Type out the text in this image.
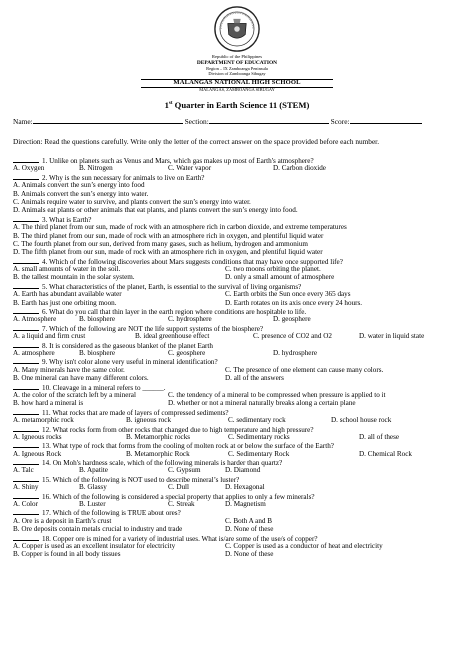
Republic of the Philippines
DEPARTMENT OF EDUCATION
Region – IX Zamboanga Peninsula
Division of Zamboanga Sibugay
MALANGAS NATIONAL HIGH SCHOOL
MALANGAS, ZAMBOANGA SIBUGAY
1st Quarter in Earth Science 11 (STEM)
Name:	Section:	Score:
Direction: Read the questions carefully. Write only the letter of the correct answer on the space provided before each number.
1. Unlike on planets such as Venus and Mars, which gas makes up most of Earth's atmosphere?
A. Oxygen	B. Nitrogen	C. Water vapor	D. Carbon dioxide
2. Why is the sun necessary for animals to live on Earth?
A. Animals convert the sun’s energy into food
B. Animals convert the sun’s energy into water.
C. Animals require water to survive, and plants convert the sun’s energy into water.
D. Animals eat plants or other animals that eat plants, and plants convert the sun’s energy into food.
3. What is Earth?
A. The third planet from our sun, made of rock with an atmosphere rich in carbon dioxide, and extreme temperatures
B. The third planet from our sun, made of rock with an atmosphere rich in oxygen, and plentiful liquid water
C. The fourth planet from our sun, derived from many gases, such as helium, hydrogen and ammonium
D. The fifth planet from our sun, made of rock with an atmosphere rich in oxygen, and plentiful liquid water
4. Which of the following discoveries about Mars suggests conditions that may have once supported life?
A. small amounts of water in the soil.	C. two moons orbiting the planet.
B. the tallest mountain in the solar system.	D. only a small amount of atmosphere
5. What characteristics of the planet, Earth, is essential to the survival of living organisms?
A. Earth has abundant available water	C. Earth orbits the Sun once every 365 days
B. Earth has just one orbiting moon.	D. Earth rotates on its axis once every 24 hours.
6. What do you call that thin layer in the earth region where conditions are hospitable to life.
A. Atmosphere	B. biosphere	C. hydrosphere	D. geosphere
7. Which of the following are NOT the life support systems of the biosphere?
A. a liquid and firm crust	B. ideal greenhouse effect	C. presence of CO2 and O2	D. water in liquid state
8. It is considered as the gaseous blanket of the planet Earth
A. atmosphere	B. biosphere	C. geosphere	D. hydrosphere
9. Why isn't color alone very useful in mineral identification?
A. Many minerals have the same color.	C. The presence of one element can cause many colors.
B. One mineral can have many different colors.	D. all of the answers
10. Cleavage in a mineral refers to ______.
A. the color of the scratch left by a mineral	C. the tendency of a mineral to be compressed when pressure is applied to it
B. how hard a mineral is	D. whether or not a mineral naturally breaks along a certain plane
11. What rocks that are made of layers of compressed sediments?
A. metamorphic rock	B. igneous rock	C. sedimentary rock	D. school house rock
12. What rocks form from other rocks that changed due to high temperature and high pressure?
A. Igneous rocks	B. Metamorphic rocks	C. Sedimentary rocks	D. all of these
13. What type of rock that forms from the cooling of molten rock at or below the surface of the Earth?
A. Igneous Rock	B. Metamorphic Rock	C. Sedimentary Rock	D. Chemical Rock
14. On Moh's hardness scale, which of the following minerals is harder than quartz?
A. Talc	B. Apatite	C. Gypsum	D. Diamond
15. Which of the following is NOT used to describe mineral’s luster?
A. Shiny	B. Glassy	C. Dull	D. Hexagonal
16. Which of the following is considered a special property that applies to only a few minerals?
A. Color	B. Luster	C. Streak	D. Magnetism
17. Which of the following is TRUE about ores?
A. Ore is a deposit in Earth’s crust	C. Both A and B
B. Ore deposits contain metals crucial to industry and trade	D. None of these
18. Copper ore is mined for a variety of industrial uses. What is/are some of the use/s of copper?
A. Copper is used as an excellent insulator for electricity	C. Copper is used as a conductor of heat and electricity
B. Copper is found in all body tissues	D. None of these
